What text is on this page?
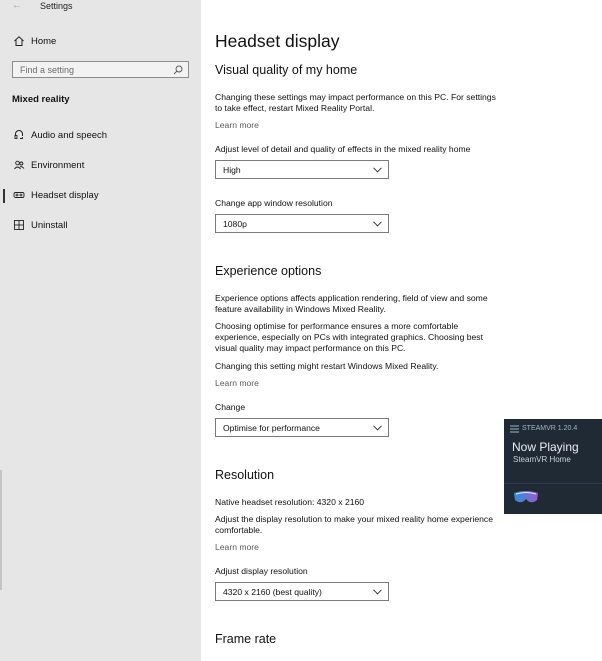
← Settings
Home
Find a setting
Mixed reality
Audio and speech
Environment
Headset display
Uninstall
Headset display
Visual quality of my home
Changing these settings may impact performance on this PC. For settings to take effect, restart Mixed Reality Portal.
Learn more
Adjust level of detail and quality of effects in the mixed reality home
High
Change app window resolution
1080p
Experience options
Experience options affects application rendering, field of view and some feature availability in Windows Mixed Reality.
Choosing optimise for performance ensures a more comfortable experience, especially on PCs with integrated graphics. Choosing best visual quality may impact performance on this PC.
Changing this setting might restart Windows Mixed Reality.
Learn more
Change
Optimise for performance
Resolution
Native headset resolution: 4320 x 2160
Adjust the display resolution to make your mixed reality home experience comfortable.
Learn more
Adjust display resolution
4320 x 2160 (best quality)
Frame rate
STEAMVR 1.20.4
Now Playing
SteamVR Home
